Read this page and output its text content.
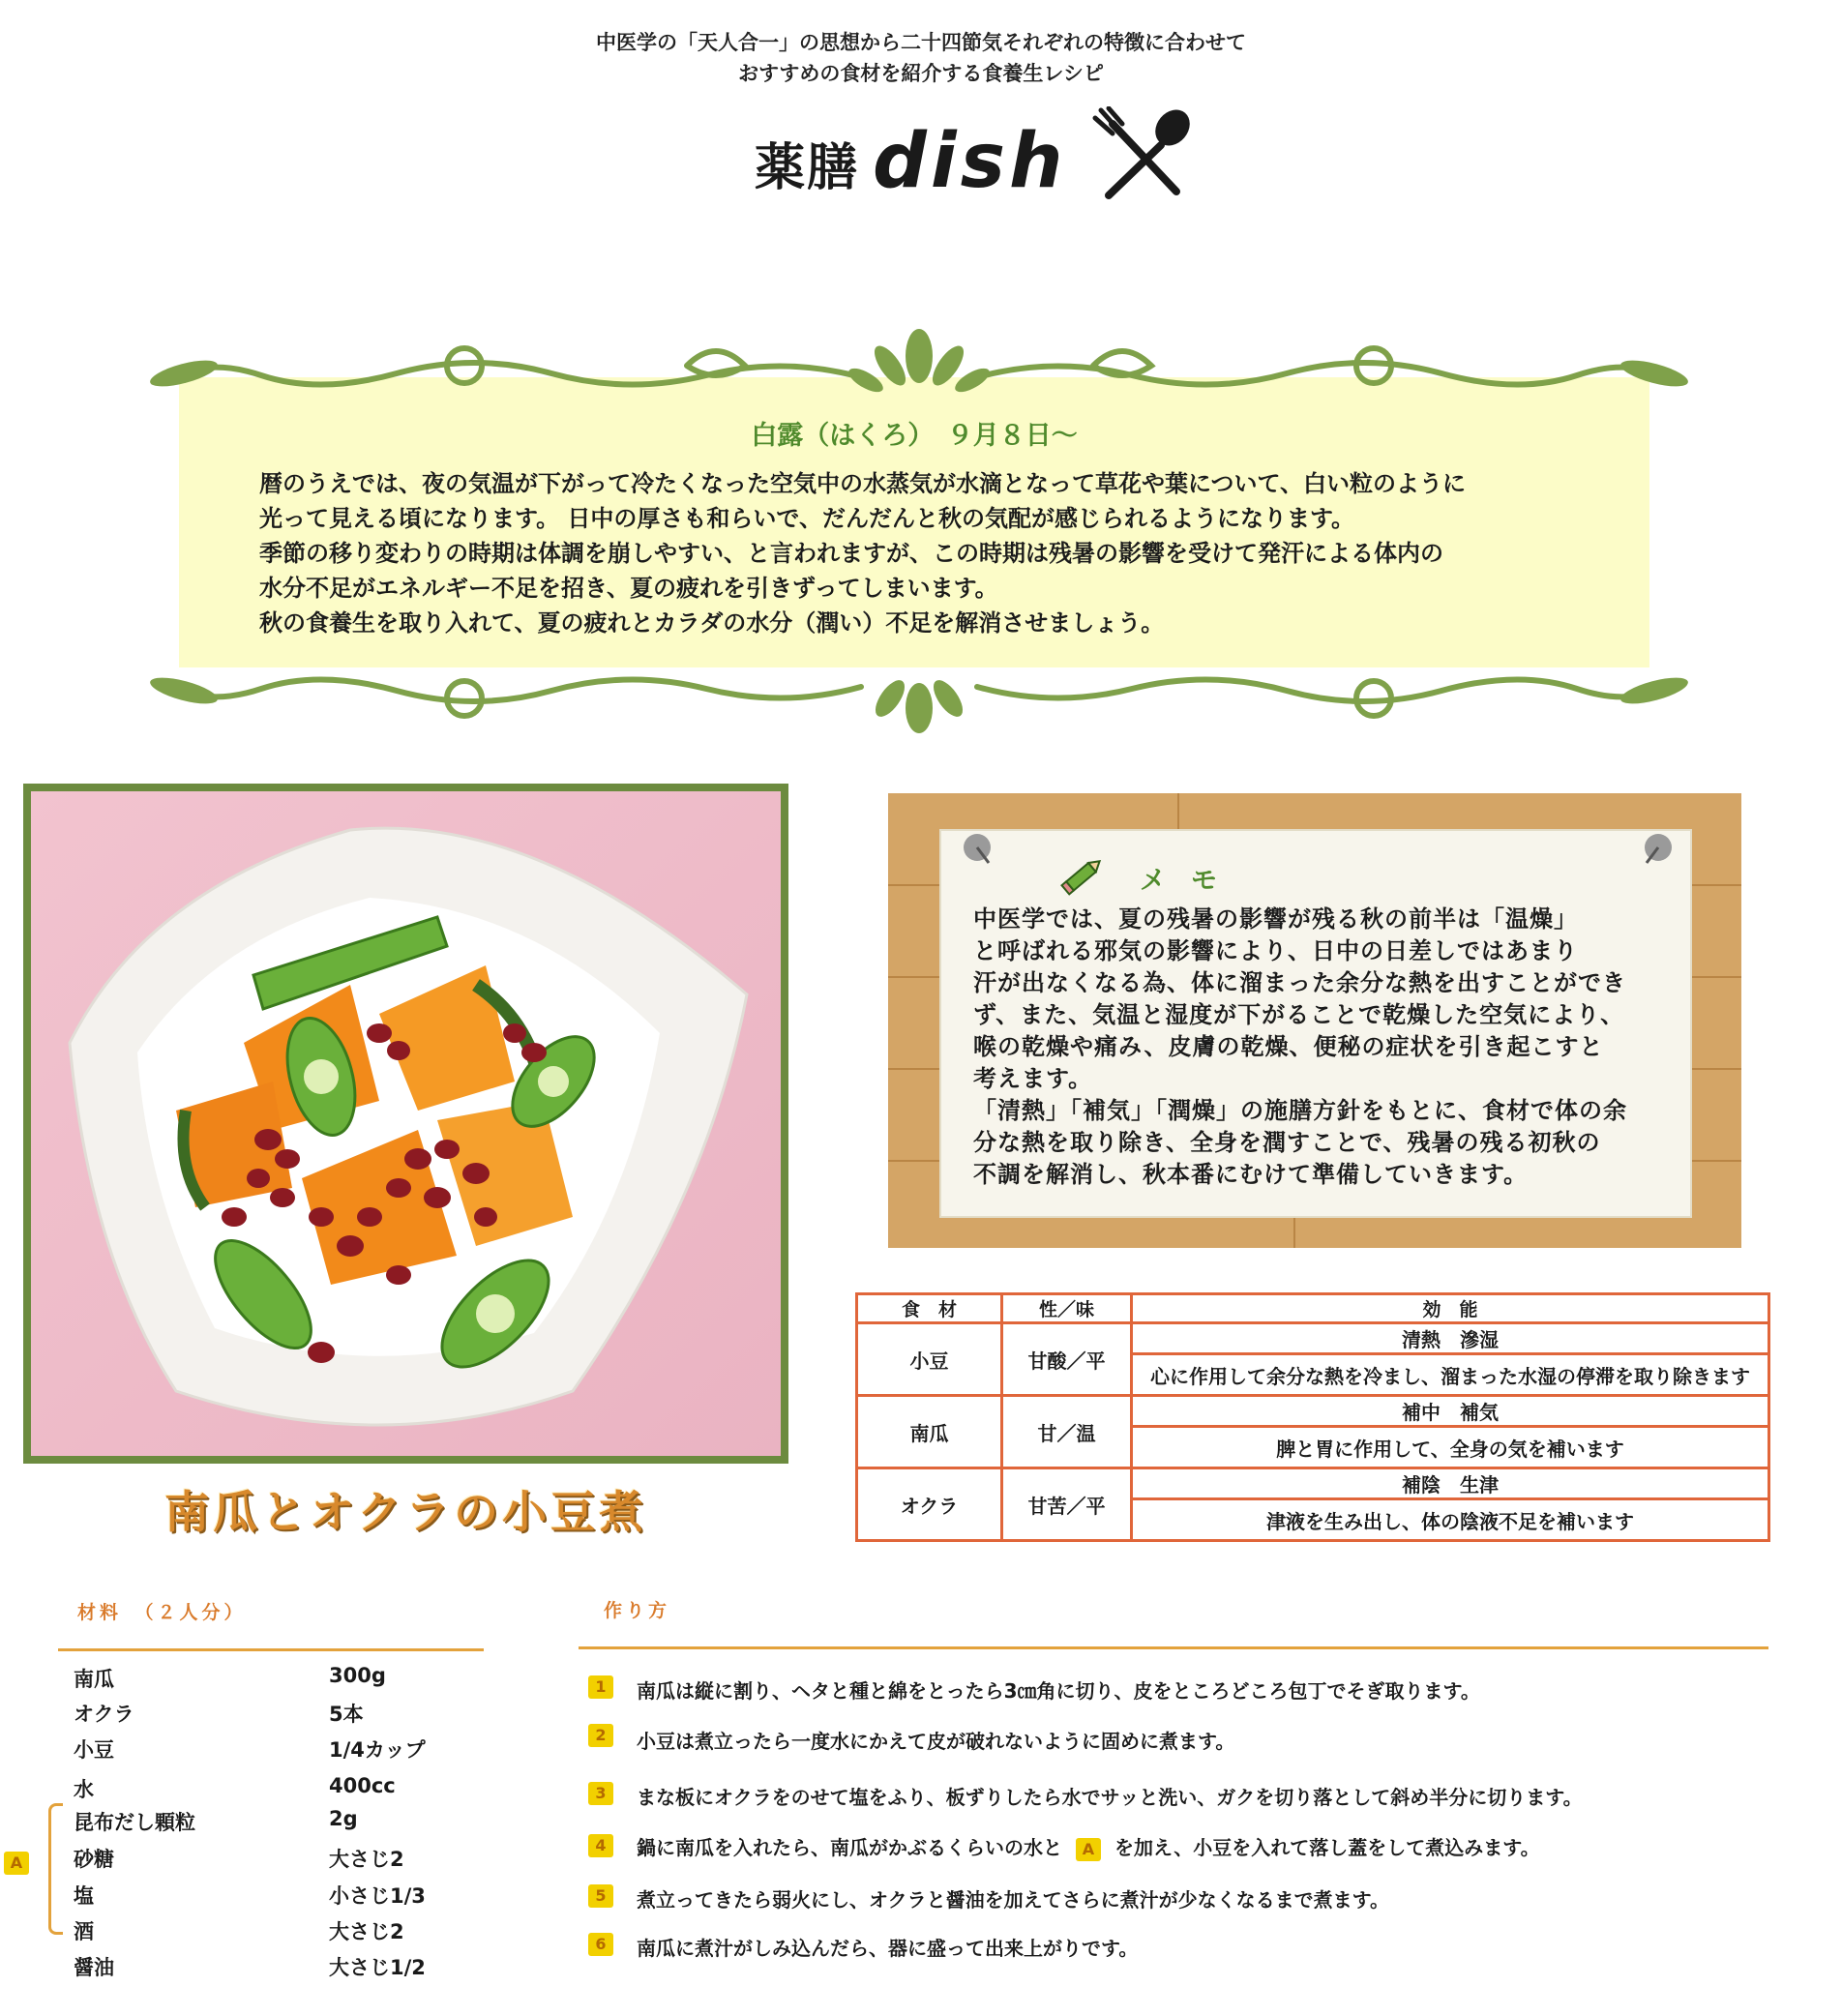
中医学の「天人合一」の思想から二十四節気それぞれの特徴に合わせて
おすすめの食材を紹介する食養生レシピ
薬膳 dish
白露（はくろ）　９月８日～
暦のうえでは、夜の気温が下がって冷たくなった空気中の水蒸気が水滴となって草花や葉について、白い粒のように
光って見える頃になります。 日中の厚さも和らいで、だんだんと秋の気配が感じられるようになります。
季節の移り変わりの時期は体調を崩しやすい、と言われますが、この時期は残暑の影響を受けて発汗による体内の
水分不足がエネルギー不足を招き、夏の疲れを引きずってしまいます。
秋の食養生を取り入れて、夏の疲れとカラダの水分（潤い）不足を解消させましょう。
南瓜とオクラの小豆煮
メモ
中医学では、夏の残暑の影響が残る秋の前半は「温燥」
と呼ばれる邪気の影響により、日中の日差しではあまり
汗が出なくなる為、体に溜まった余分な熱を出すことができ
ず、また、気温と湿度が下がることで乾燥した空気により、
喉の乾燥や痛み、皮膚の乾燥、便秘の症状を引き起こすと
考えます。
「清熱」「補気」「潤燥」の施膳方針をもとに、食材で体の余
分な熱を取り除き、全身を潤すことで、残暑の残る初秋の
不調を解消し、秋本番にむけて準備していきます。
食　材	性／味	効　能
小豆	甘酸／平	清熱　滲湿
		心に作用して余分な熱を冷まし、溜まった水湿の停滞を取り除きます
南瓜	甘／温	補中　補気
		脾と胃に作用して、全身の気を補います
オクラ	甘苦／平	補陰　生津
		津液を生み出し、体の陰液不足を補います
材料　（２人分）
南瓜	300g
オクラ	5本
小豆	1/4カップ
水	400cc
昆布だし顆粒	2g
砂糖	大さじ2
塩	小さじ1/3
酒	大さじ2
醤油	大さじ1/2
A
作り方
1	南瓜は縦に割り、ヘタと種と綿をとったら3㎝角に切り、皮をところどころ包丁でそぎ取ります。
2	小豆は煮立ったら一度水にかえて皮が破れないように固めに煮ます。
3	まな板にオクラをのせて塩をふり、板ずりしたら水でサッと洗い、ガクを切り落として斜め半分に切ります。
4	鍋に南瓜を入れたら、南瓜がかぶるくらいの水と A を加え、小豆を入れて落し蓋をして煮込みます。
5	煮立ってきたら弱火にし、オクラと醤油を加えてさらに煮汁が少なくなるまで煮ます。
6	南瓜に煮汁がしみ込んだら、器に盛って出来上がりです。
